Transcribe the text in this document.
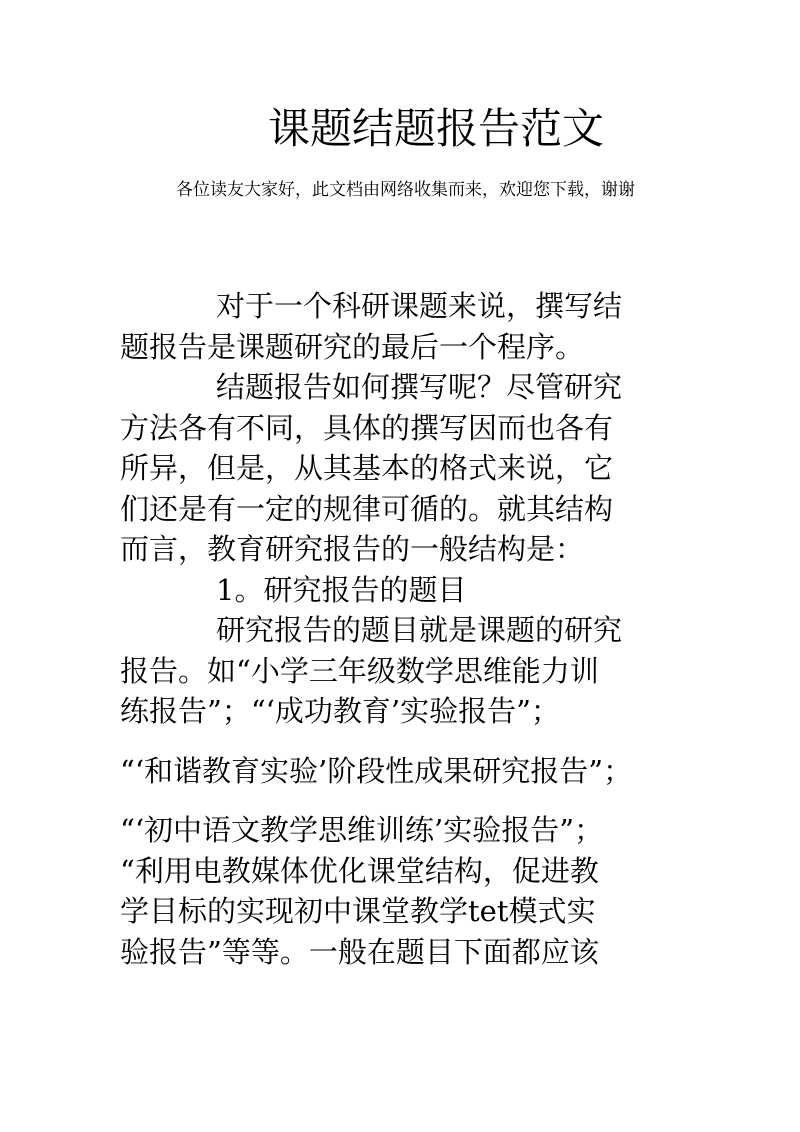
课题结题报告范文

各位读友大家好，此文档由网络收集而来，欢迎您下载，谢谢

对于一个科研课题来说，撰写结

题报告是课题研究的最后一个程序。

结题报告如何撰写呢？尽管研究

方法各有不同，具体的撰写因而也各有

所异，但是，从其基本的格式来说，它

们还是有一定的规律可循的。就其结构

而言，教育研究报告的一般结构是：

1。研究报告的题目

研究报告的题目就是课题的研究

报告。如“小学三年级数学思维能力训

练报告”；“‘成功教育’实验报告”；

“‘和谐教育实验’阶段性成果研究报告”；

“‘初中语文教学思维训练’实验报告”；

“利用电教媒体优化课堂结构，促进教

学目标的实现初中课堂教学tet模式实

验报告”等等。一般在题目下面都应该
